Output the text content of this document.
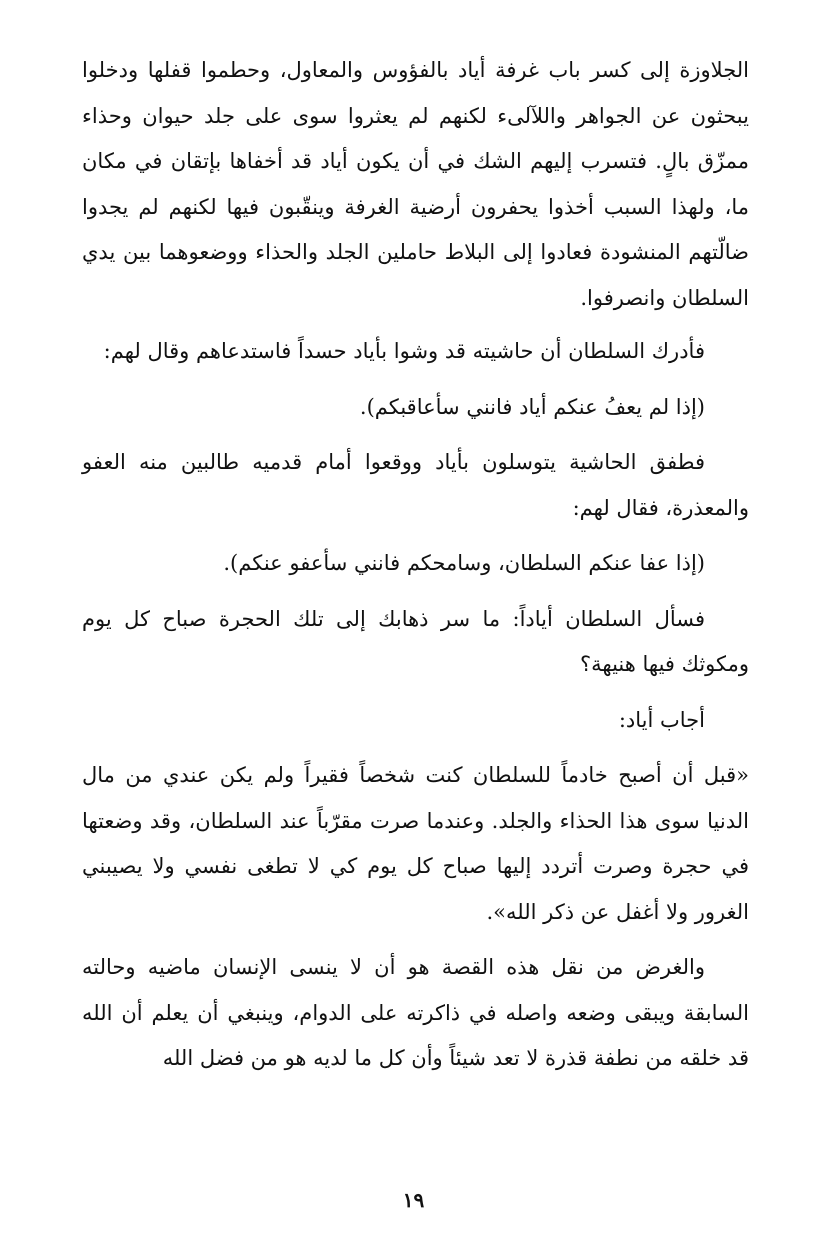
الجلاوزة إلى كسر باب غرفة أياد بالفؤوس والمعاول، وحطموا قفلها ودخلوا يبحثون عن الجواهر واللآلىء لكنهم لم يعثروا سوى على جلد حيوان وحذاء ممزّق بالٍ. فتسرب إليهم الشك في أن يكون أياد قد أخفاها بإتقان في مكان ما، ولهذا السبب أخذوا يحفرون أرضية الغرفة وينقّبون فيها لكنهم لم يجدوا ضالّتهم المنشودة فعادوا إلى البلاط حاملين الجلد والحذاء ووضعوهما بين يدي السلطان وانصرفوا.

فأدرك السلطان أن حاشيته قد وشوا بأياد حسداً فاستدعاهم وقال لهم:

(إذا لم يعفُ عنكم أياد فانني سأعاقبكم).

فطفق الحاشية يتوسلون بأياد ووقعوا أمام قدميه طالبين منه العفو والمعذرة، فقال لهم:

(إذا عفا عنكم السلطان، وسامحكم فانني سأعفو عنكم).

فسأل السلطان أياداً: ما سر ذهابك إلى تلك الحجرة صباح كل يوم ومكوثك فيها هنيهة؟

أجاب أياد:

«قبل أن أصبح خادماً للسلطان كنت شخصاً فقيراً ولم يكن عندي من مال الدنيا سوى هذا الحذاء والجلد. وعندما صرت مقرّباً عند السلطان، وقد وضعتها في حجرة وصرت أتردد إليها صباح كل يوم كي لا تطغى نفسي ولا يصيبني الغرور ولا أغفل عن ذكر الله».

والغرض من نقل هذه القصة هو أن لا ينسى الإنسان ماضيه وحالته السابقة ويبقى وضعه واصله في ذاكرته على الدوام، وينبغي أن يعلم أن الله قد خلقه من نطفة قذرة لا تعد شيئاً وأن كل ما لديه هو من فضل الله

١٩
